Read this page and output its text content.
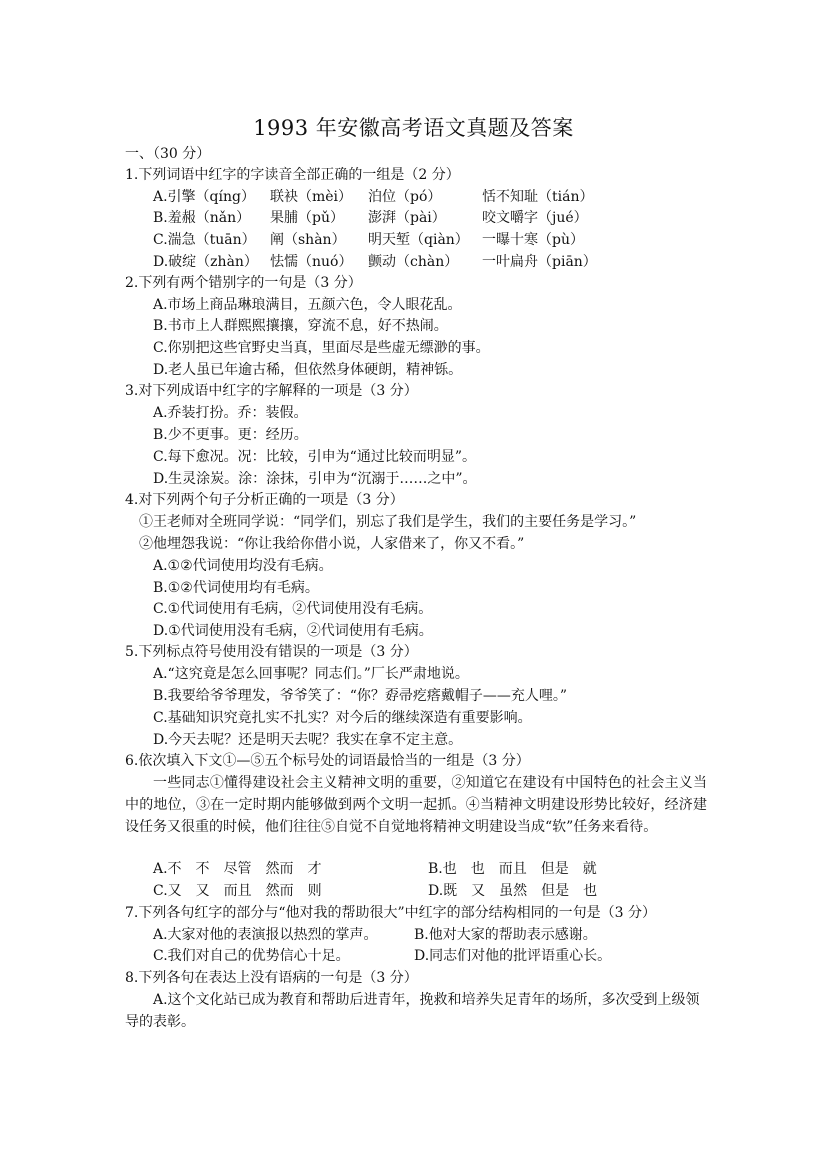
1993 年安徽高考语文真题及答案
一、（30 分）
1.下列词语中红字的字读音全部正确的一组是（2 分）
A.引擎（qíng） 联袂（mèi） 泊位（pó）	恬不知耻（tián）
B.羞赧（nǎn） 果脯（pǔ） 澎湃（pài）	咬文嚼字（jué）
C.湍急（tuān） 阐（shàn） 明天堑（qiàn） 一曝十寒（pù）
D.破绽（zhàn） 怯懦（nuó） 颤动（chàn） 一叶扁舟（piān）
2.下列有两个错别字的一句是（3 分）
A.市场上商品琳琅满目，五颜六色，令人眼花乱。
B.书市上人群熙熙攘攘，穿流不息，好不热闹。
C.你别把这些官野史当真，里面尽是些虚无缥渺的事。
D.老人虽已年逾古稀，但依然身体硬朗，精神铄。
3.对下列成语中红字的字解释的一项是（3 分）
A.乔装打扮。乔：装假。
B.少不更事。更：经历。
C.每下愈况。况：比较，引申为“通过比较而明显”。
D.生灵涂炭。涂：涂抹，引申为“沉溺于……之中”。
4.对下列两个句子分析正确的一项是（3 分）
①王老师对全班同学说：“同学们，别忘了我们是学生，我们的主要任务是学习。”
②他埋怨我说：“你让我给你借小说，人家借来了，你又不看。”
A.①②代词使用均没有毛病。
B.①②代词使用均有毛病。
C.①代词使用有毛病，②代词使用没有毛病。
D.①代词使用没有毛病，②代词使用有毛病。
5.下列标点符号使用没有错误的一项是（3 分）
A.“这究竟是怎么回事呢？同志们。”厂长严肃地说。
B.我要给爷爷理发，爷爷笑了：“你？孬帚疙瘩戴帽子——充人哩。”
C.基础知识究竟扎实不扎实？对今后的继续深造有重要影响。
D.今天去呢？还是明天去呢？我实在拿不定主意。
6.依次填入下文①—⑤五个标号处的词语最恰当的一组是（3 分）
一些同志①懂得建设社会主义精神文明的重要，②知道它在建设有中国特色的社会主义当中的地位，③在一定时期内能够做到两个文明一起抓。④当精神文明建设形势比较好，经济建设任务又很重的时候，他们往往⑤自觉不自觉地将精神文明建设当成“软”任务来看待。
A.不　不　尽管　然而　才	B.也　也　而且　但是　就
C.又　又　而且　然而　则	D.既　又　虽然　但是　也
7.下列各句红字的部分与“他对我的帮助很大”中红字的部分结构相同的一句是（3 分）
A.大家对他的表演报以热烈的掌声。	B.他对大家的帮助表示感谢。
C.我们对自己的优势信心十足。	D.同志们对他的批评语重心长。
8.下列各句在表达上没有语病的一句是（3 分）
A.这个文化站已成为教育和帮助后进青年，挽救和培养失足青年的场所，多次受到上级领导的表彰。
